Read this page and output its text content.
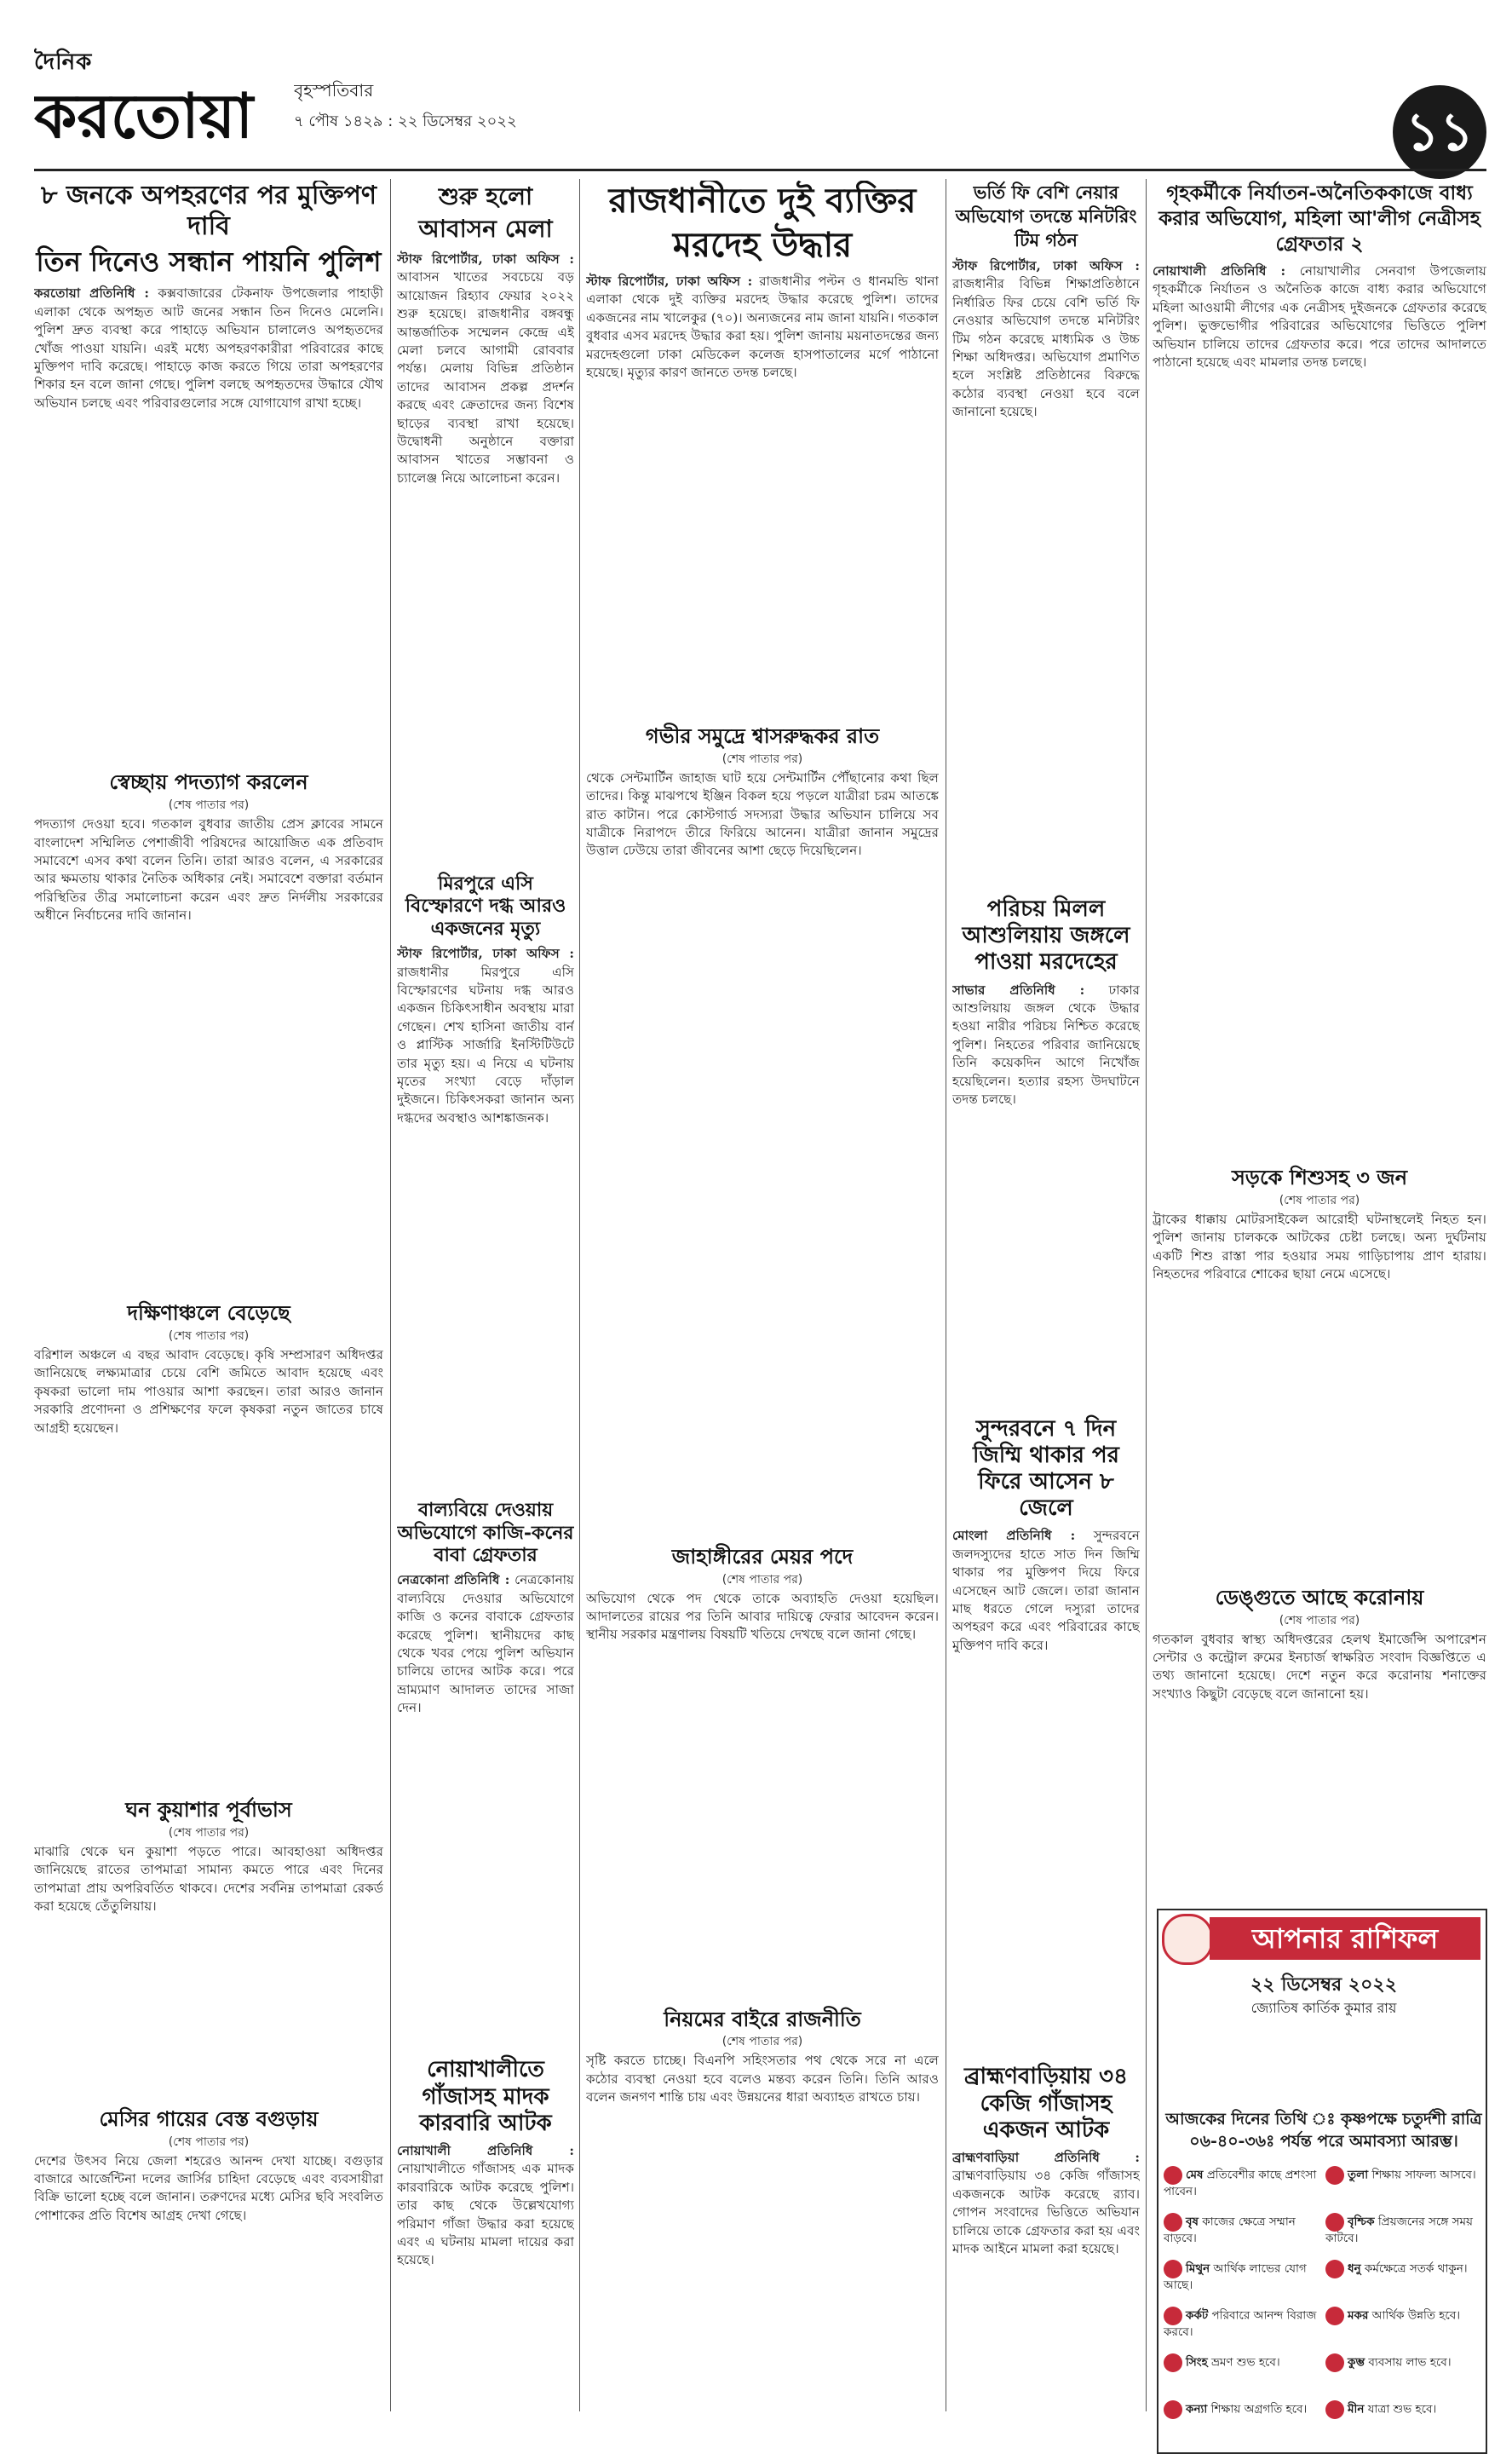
দৈনিক
করতোয়া	বৃহস্পতিবার
৭ পৌষ ১৪২৯ : ২২ ডিসেম্বর ২০২২	১১
৮ জনকে অপহরণের পর মুক্তিপণ দাবি
তিন দিনেও সন্ধান পায়নি পুলিশ
করতোয়া প্রতিনিধি : কক্সবাজারের টেকনাফ উপজেলার পাহাড়ী এলাকা থেকে অপহৃত আট জনের সন্ধান তিন দিনেও মেলেনি। পুলিশ দ্রুত ব্যবস্থা করে পাহাড়ে অভিযান চালালেও অপহৃতদের খোঁজ পাওয়া যায়নি। এরই মধ্যে অপহরণকারীরা পরিবারের কাছে মুক্তিপণ দাবি করেছে। পাহাড়ে কাজ করতে গিয়ে তারা অপহরণের শিকার হন বলে জানা গেছে। পুলিশ বলছে অপহৃতদের উদ্ধারে যৌথ অভিযান চলছে এবং পরিবারগুলোর সঙ্গে যোগাযোগ রাখা হচ্ছে।
স্বেচ্ছায় পদত্যাগ করলেন
(শেষ পাতার পর)
পদত্যাগ দেওয়া হবে। গতকাল বুধবার জাতীয় প্রেস ক্লাবের সামনে বাংলাদেশ সম্মিলিত পেশাজীবী পরিষদের আয়োজিত এক প্রতিবাদ সমাবেশে এসব কথা বলেন তিনি। তারা আরও বলেন, এ সরকারের আর ক্ষমতায় থাকার নৈতিক অধিকার নেই। সমাবেশে বক্তারা বর্তমান পরিস্থিতির তীব্র সমালোচনা করেন এবং দ্রুত নির্দলীয় সরকারের অধীনে নির্বাচনের দাবি জানান।
দক্ষিণাঞ্চলে বেড়েছে
(শেষ পাতার পর)
বরিশাল অঞ্চলে এ বছর আবাদ বেড়েছে। কৃষি সম্প্রসারণ অধিদপ্তর জানিয়েছে লক্ষ্যমাত্রার চেয়ে বেশি জমিতে আবাদ হয়েছে এবং কৃষকরা ভালো দাম পাওয়ার আশা করছেন। তারা আরও জানান সরকারি প্রণোদনা ও প্রশিক্ষণের ফলে কৃষকরা নতুন জাতের চাষে আগ্রহী হয়েছেন।
ঘন কুয়াশার পূর্বাভাস
(শেষ পাতার পর)
মাঝারি থেকে ঘন কুয়াশা পড়তে পারে। আবহাওয়া অধিদপ্তর জানিয়েছে রাতের তাপমাত্রা সামান্য কমতে পারে এবং দিনের তাপমাত্রা প্রায় অপরিবর্তিত থাকবে। দেশের সর্বনিম্ন তাপমাত্রা রেকর্ড করা হয়েছে তেঁতুলিয়ায়।
মেসির গায়ের বেস্ত বগুড়ায়
(শেষ পাতার পর)
দেশের উৎসব নিয়ে জেলা শহরেও আনন্দ দেখা যাচ্ছে। বগুড়ার বাজারে আর্জেন্টিনা দলের জার্সির চাহিদা বেড়েছে এবং ব্যবসায়ীরা বিক্রি ভালো হচ্ছে বলে জানান। তরুণদের মধ্যে মেসির ছবি সংবলিত পোশাকের প্রতি বিশেষ আগ্রহ দেখা গেছে।
শুরু হলো আবাসন মেলা
স্টাফ রিপোর্টার, ঢাকা অফিস : আবাসন খাতের সবচেয়ে বড় আয়োজন রিহ্যাব ফেয়ার ২০২২ শুরু হয়েছে। রাজধানীর বঙ্গবন্ধু আন্তর্জাতিক সম্মেলন কেন্দ্রে এই মেলা চলবে আগামী রোববার পর্যন্ত। মেলায় বিভিন্ন প্রতিষ্ঠান তাদের আবাসন প্রকল্প প্রদর্শন করছে এবং ক্রেতাদের জন্য বিশেষ ছাড়ের ব্যবস্থা রাখা হয়েছে। উদ্বোধনী অনুষ্ঠানে বক্তারা আবাসন খাতের সম্ভাবনা ও চ্যালেঞ্জ নিয়ে আলোচনা করেন।
মিরপুরে এসি বিস্ফোরণে দগ্ধ আরও একজনের মৃত্যু
স্টাফ রিপোর্টার, ঢাকা অফিস : রাজধানীর মিরপুরে এসি বিস্ফোরণের ঘটনায় দগ্ধ আরও একজন চিকিৎসাধীন অবস্থায় মারা গেছেন। শেখ হাসিনা জাতীয় বার্ন ও প্লাস্টিক সার্জারি ইনস্টিটিউটে তার মৃত্যু হয়। এ নিয়ে এ ঘটনায় মৃতের সংখ্যা বেড়ে দাঁড়াল দুইজনে। চিকিৎসকরা জানান অন্য দগ্ধদের অবস্থাও আশঙ্কাজনক।
বাল্যবিয়ে দেওয়ায় অভিযোগে কাজি-কনের বাবা গ্রেফতার
নেত্রকোনা প্রতিনিধি : নেত্রকোনায় বাল্যবিয়ে দেওয়ার অভিযোগে কাজি ও কনের বাবাকে গ্রেফতার করেছে পুলিশ। স্থানীয়দের কাছ থেকে খবর পেয়ে পুলিশ অভিযান চালিয়ে তাদের আটক করে। পরে ভ্রাম্যমাণ আদালত তাদের সাজা দেন।
নোয়াখালীতে গাঁজাসহ মাদক কারবারি আটক
নোয়াখালী প্রতিনিধি : নোয়াখালীতে গাঁজাসহ এক মাদক কারবারিকে আটক করেছে পুলিশ। তার কাছ থেকে উল্লেখযোগ্য পরিমাণ গাঁজা উদ্ধার করা হয়েছে এবং এ ঘটনায় মামলা দায়ের করা হয়েছে।
রাজধানীতে দুই ব্যক্তির
মরদেহ উদ্ধার
স্টাফ রিপোর্টার, ঢাকা অফিস : রাজধানীর পল্টন ও ধানমন্ডি থানা এলাকা থেকে দুই ব্যক্তির মরদেহ উদ্ধার করেছে পুলিশ। তাদের একজনের নাম খালেকুর (৭০)। অন্যজনের নাম জানা যায়নি। গতকাল বুধবার এসব মরদেহ উদ্ধার করা হয়। পুলিশ জানায় ময়নাতদন্তের জন্য মরদেহগুলো ঢাকা মেডিকেল কলেজ হাসপাতালের মর্গে পাঠানো হয়েছে। মৃত্যুর কারণ জানতে তদন্ত চলছে।
গভীর সমুদ্রে শ্বাসরুদ্ধকর রাত
(শেষ পাতার পর)
থেকে সেন্টমার্টিন জাহাজ ঘাট হয়ে সেন্টমার্টিন পৌঁছানোর কথা ছিল তাদের। কিন্তু মাঝপথে ইঞ্জিন বিকল হয়ে পড়লে যাত্রীরা চরম আতঙ্কে রাত কাটান। পরে কোস্টগার্ড সদস্যরা উদ্ধার অভিযান চালিয়ে সব যাত্রীকে নিরাপদে তীরে ফিরিয়ে আনেন। যাত্রীরা জানান সমুদ্রের উত্তাল ঢেউয়ে তারা জীবনের আশা ছেড়ে দিয়েছিলেন।
জাহাঙ্গীরের মেয়র পদে
(শেষ পাতার পর)
অভিযোগ থেকে পদ থেকে তাকে অব্যাহতি দেওয়া হয়েছিল। আদালতের রায়ের পর তিনি আবার দায়িত্বে ফেরার আবেদন করেন। স্থানীয় সরকার মন্ত্রণালয় বিষয়টি খতিয়ে দেখছে বলে জানা গেছে।
নিয়মের বাইরে রাজনীতি
(শেষ পাতার পর)
সৃষ্টি করতে চাচ্ছে। বিএনপি সহিংসতার পথ থেকে সরে না এলে কঠোর ব্যবস্থা নেওয়া হবে বলেও মন্তব্য করেন তিনি। তিনি আরও বলেন জনগণ শান্তি চায় এবং উন্নয়নের ধারা অব্যাহত রাখতে চায়।
ভর্তি ফি বেশি নেয়ার অভিযোগ তদন্তে মনিটরিং টিম গঠন
স্টাফ রিপোর্টার, ঢাকা অফিস : রাজধানীর বিভিন্ন শিক্ষাপ্রতিষ্ঠানে নির্ধারিত ফির চেয়ে বেশি ভর্তি ফি নেওয়ার অভিযোগ তদন্তে মনিটরিং টিম গঠন করেছে মাধ্যমিক ও উচ্চ শিক্ষা অধিদপ্তর। অভিযোগ প্রমাণিত হলে সংশ্লিষ্ট প্রতিষ্ঠানের বিরুদ্ধে কঠোর ব্যবস্থা নেওয়া হবে বলে জানানো হয়েছে।
পরিচয় মিলল আশুলিয়ায় জঙ্গলে পাওয়া মরদেহের
সাভার প্রতিনিধি : ঢাকার আশুলিয়ায় জঙ্গল থেকে উদ্ধার হওয়া নারীর পরিচয় নিশ্চিত করেছে পুলিশ। নিহতের পরিবার জানিয়েছে তিনি কয়েকদিন আগে নিখোঁজ হয়েছিলেন। হত্যার রহস্য উদঘাটনে তদন্ত চলছে।
সুন্দরবনে ৭ দিন জিম্মি থাকার পর ফিরে আসেন ৮ জেলে
মোংলা প্রতিনিধি : সুন্দরবনে জলদস্যুদের হাতে সাত দিন জিম্মি থাকার পর মুক্তিপণ দিয়ে ফিরে এসেছেন আট জেলে। তারা জানান মাছ ধরতে গেলে দস্যুরা তাদের অপহরণ করে এবং পরিবারের কাছে মুক্তিপণ দাবি করে।
ব্রাহ্মণবাড়িয়ায় ৩৪ কেজি গাঁজাসহ একজন আটক
ব্রাহ্মণবাড়িয়া প্রতিনিধি : ব্রাহ্মণবাড়িয়ায় ৩৪ কেজি গাঁজাসহ একজনকে আটক করেছে র‍্যাব। গোপন সংবাদের ভিত্তিতে অভিযান চালিয়ে তাকে গ্রেফতার করা হয় এবং মাদক আইনে মামলা করা হয়েছে।
গৃহকর্মীকে নির্যাতন-অনৈতিককাজে বাধ্য করার অভিযোগ, মহিলা আ'লীগ নেত্রীসহ গ্রেফতার ২
নোয়াখালী প্রতিনিধি : নোয়াখালীর সেনবাগ উপজেলায় গৃহকর্মীকে নির্যাতন ও অনৈতিক কাজে বাধ্য করার অভিযোগে মহিলা আওয়ামী লীগের এক নেত্রীসহ দুইজনকে গ্রেফতার করেছে পুলিশ। ভুক্তভোগীর পরিবারের অভিযোগের ভিত্তিতে পুলিশ অভিযান চালিয়ে তাদের গ্রেফতার করে। পরে তাদের আদালতে পাঠানো হয়েছে এবং মামলার তদন্ত চলছে।
সড়কে শিশুসহ ৩ জন
(শেষ পাতার পর)
ট্রাকের ধাক্কায় মোটরসাইকেল আরোহী ঘটনাস্থলেই নিহত হন। পুলিশ জানায় চালককে আটকের চেষ্টা চলছে। অন্য দুর্ঘটনায় একটি শিশু রাস্তা পার হওয়ার সময় গাড়িচাপায় প্রাণ হারায়। নিহতদের পরিবারে শোকের ছায়া নেমে এসেছে।
ডেঙ্গুতে আছে করোনায়
(শেষ পাতার পর)
গতকাল বুধবার স্বাস্থ্য অধিদপ্তরের হেলথ ইমার্জেন্সি অপারেশন সেন্টার ও কন্ট্রোল রুমের ইনচার্জ স্বাক্ষরিত সংবাদ বিজ্ঞপ্তিতে এ তথ্য জানানো হয়েছে। দেশে নতুন করে করোনায় শনাক্তের সংখ্যাও কিছুটা বেড়েছে বলে জানানো হয়।
আপনার রাশিফল
২২ ডিসেম্বর ২০২২
জ্যোতিষ কার্তিক কুমার রায়
আজকের দিনের তিথি ঃ কৃষ্ণপক্ষে চতুর্দশী রাত্রি ০৬-৪০-৩৬ঃ পর্যন্ত পরে অমাবস্যা আরম্ভ।
মেষ প্রতিবেশীর কাছে প্রশংসা পাবেন।
বৃষ কাজের ক্ষেত্রে সম্মান বাড়বে।
মিথুন আর্থিক লাভের যোগ আছে।
কর্কট পরিবারে আনন্দ বিরাজ করবে।
সিংহ ভ্রমণ শুভ হবে।
কন্যা শিক্ষায় অগ্রগতি হবে।
তুলা শিক্ষায় সাফল্য আসবে।
বৃশ্চিক প্রিয়জনের সঙ্গে সময় কাটবে।
ধনু কর্মক্ষেত্রে সতর্ক থাকুন।
মকর আর্থিক উন্নতি হবে।
কুম্ভ ব্যবসায় লাভ হবে।
মীন যাত্রা শুভ হবে।
